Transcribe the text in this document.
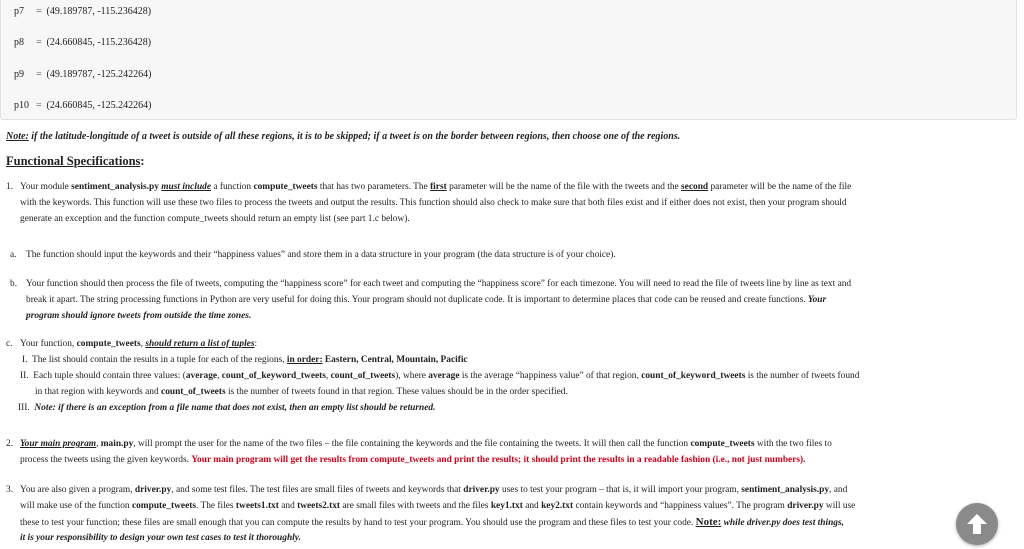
p7 = (49.189787, -115.236428)
p8 = (24.660845, -115.236428)
p9 = (49.189787, -125.242264)
p10 = (24.660845, -125.242264)
Note: if the latitude-longitude of a tweet is outside of all these regions, it is to be skipped; if a tweet is on the border between regions, then choose one of the regions.
Functional Specifications:
1. Your module sentiment_analysis.py must include a function compute_tweets that has two parameters. The first parameter will be the name of the file with the tweets and the second parameter will be the name of the file
with the keywords. This function will use these two files to process the tweets and output the results. This function should also check to make sure that both files exist and if either does not exist, then your program should
generate an exception and the function compute_tweets should return an empty list (see part 1.c below).
a. The function should input the keywords and their “happiness values” and store them in a data structure in your program (the data structure is of your choice).
b. Your function should then process the file of tweets, computing the “happiness score” for each tweet and computing the “happiness score” for each timezone. You will need to read the file of tweets line by line as text and
break it apart. The string processing functions in Python are very useful for doing this. Your program should not duplicate code. It is important to determine places that code can be reused and create functions. Your
program should ignore tweets from outside the time zones.
c. Your function, compute_tweets, should return a list of tuples:
I. The list should contain the results in a tuple for each of the regions, in order: Eastern, Central, Mountain, Pacific
II. Each tuple should contain three values: (average, count_of_keyword_tweets, count_of_tweets), where average is the average “happiness value” of that region, count_of_keyword_tweets is the number of tweets found
in that region with keywords and count_of_tweets is the number of tweets found in that region. These values should be in the order specified.
III. Note: if there is an exception from a file name that does not exist, then an empty list should be returned.
2. Your main program, main.py, will prompt the user for the name of the two files – the file containing the keywords and the file containing the tweets. It will then call the function compute_tweets with the two files to
process the tweets using the given keywords. Your main program will get the results from compute_tweets and print the results; it should print the results in a readable fashion (i.e., not just numbers).
3. You are also given a program, driver.py, and some test files. The test files are small files of tweets and keywords that driver.py uses to test your program – that is, it will import your program, sentiment_analysis.py, and
will make use of the function compute_tweets. The files tweets1.txt and tweets2.txt are small files with tweets and the files key1.txt and key2.txt contain keywords and “happiness values”. The program driver.py will use
these to test your function; these files are small enough that you can compute the results by hand to test your program. You should use the program and these files to test your code. Note: while driver.py does test things,
it is your responsibility to design your own test cases to test it thoroughly.
